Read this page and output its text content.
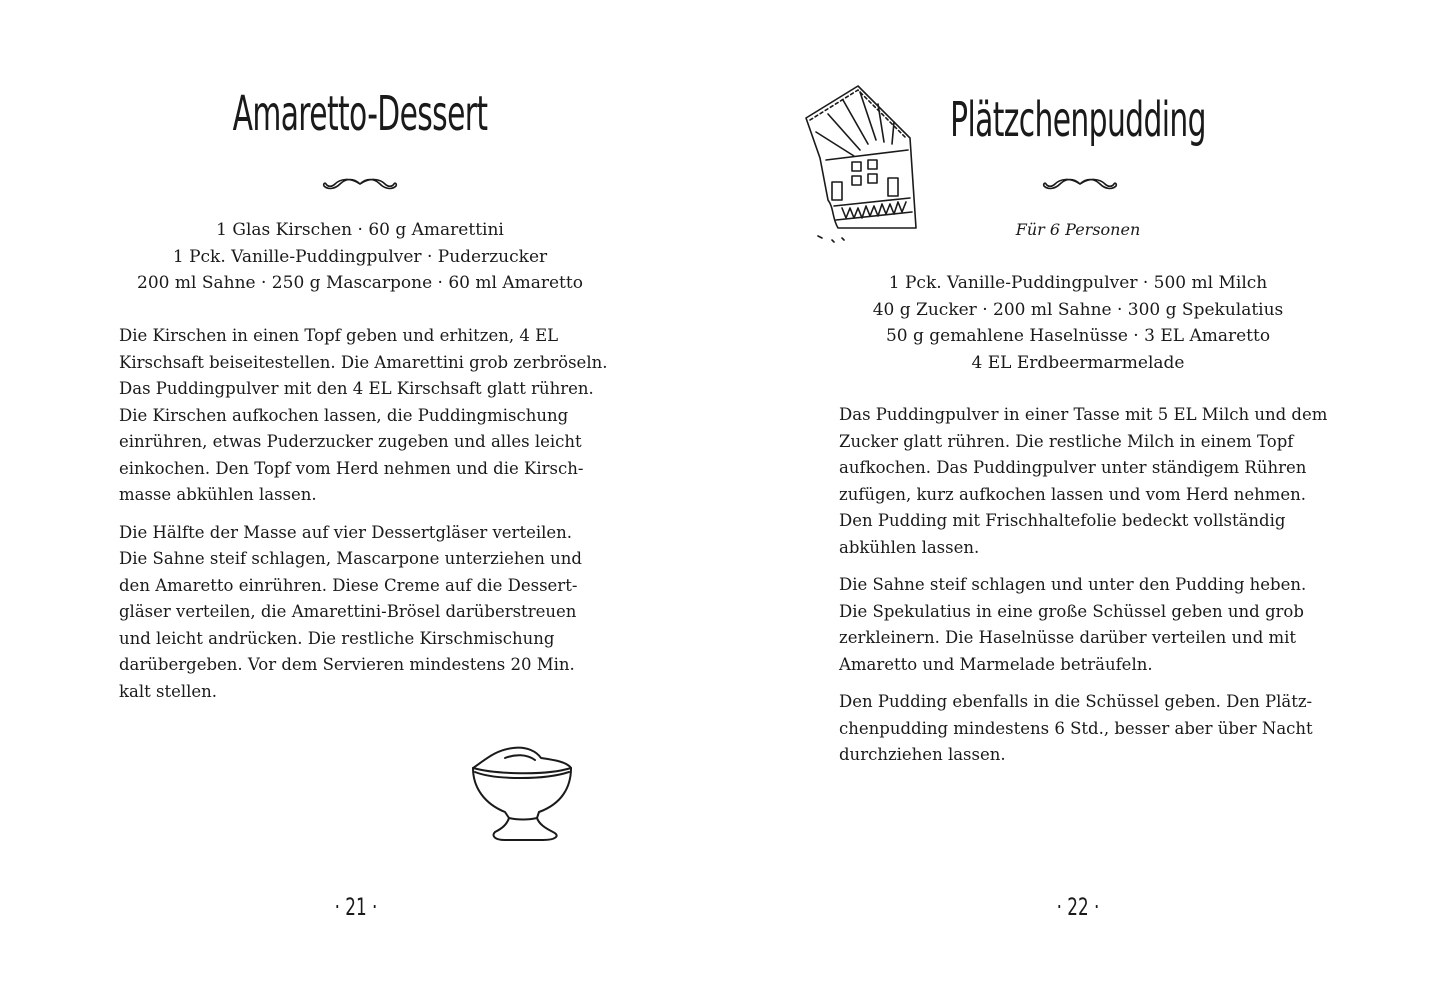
Amaretto-Dessert
1 Glas Kirschen · 60 g Amarettini
1 Pck. Vanille-Puddingpulver · Puderzucker
200 ml Sahne · 250 g Mascarpone · 60 ml Amaretto
Die Kirschen in einen Topf geben und erhitzen, 4 EL
Kirschsaft beiseitestellen. Die Amarettini grob zerbröseln.
Das Puddingpulver mit den 4 EL Kirschsaft glatt rühren.
Die Kirschen aufkochen lassen, die Puddingmischung
einrühren, etwas Puderzucker zugeben und alles leicht
einkochen. Den Topf vom Herd nehmen und die Kirsch-
masse abkühlen lassen.
Die Hälfte der Masse auf vier Dessertgläser verteilen.
Die Sahne steif schlagen, Mascarpone unterziehen und
den Amaretto einrühren. Diese Creme auf die Dessert-
gläser verteilen, die Amarettini-Brösel darüberstreuen
und leicht andrücken. Die restliche Kirschmischung
darübergeben. Vor dem Servieren mindestens 20 Min.
kalt stellen.
· 21 ·
Plätzchenpudding
Für 6 Personen
1 Pck. Vanille-Puddingpulver · 500 ml Milch
40 g Zucker · 200 ml Sahne · 300 g Spekulatius
50 g gemahlene Haselnüsse · 3 EL Amaretto
4 EL Erdbeermarmelade
Das Puddingpulver in einer Tasse mit 5 EL Milch und dem
Zucker glatt rühren. Die restliche Milch in einem Topf
aufkochen. Das Puddingpulver unter ständigem Rühren
zufügen, kurz aufkochen lassen und vom Herd nehmen.
Den Pudding mit Frischhaltefolie bedeckt vollständig
abkühlen lassen.
Die Sahne steif schlagen und unter den Pudding heben.
Die Spekulatius in eine große Schüssel geben und grob
zerkleinern. Die Haselnüsse darüber verteilen und mit
Amaretto und Marmelade beträufeln.
Den Pudding ebenfalls in die Schüssel geben. Den Plätz-
chenpudding mindestens 6 Std., besser aber über Nacht
durchziehen lassen.
· 22 ·
